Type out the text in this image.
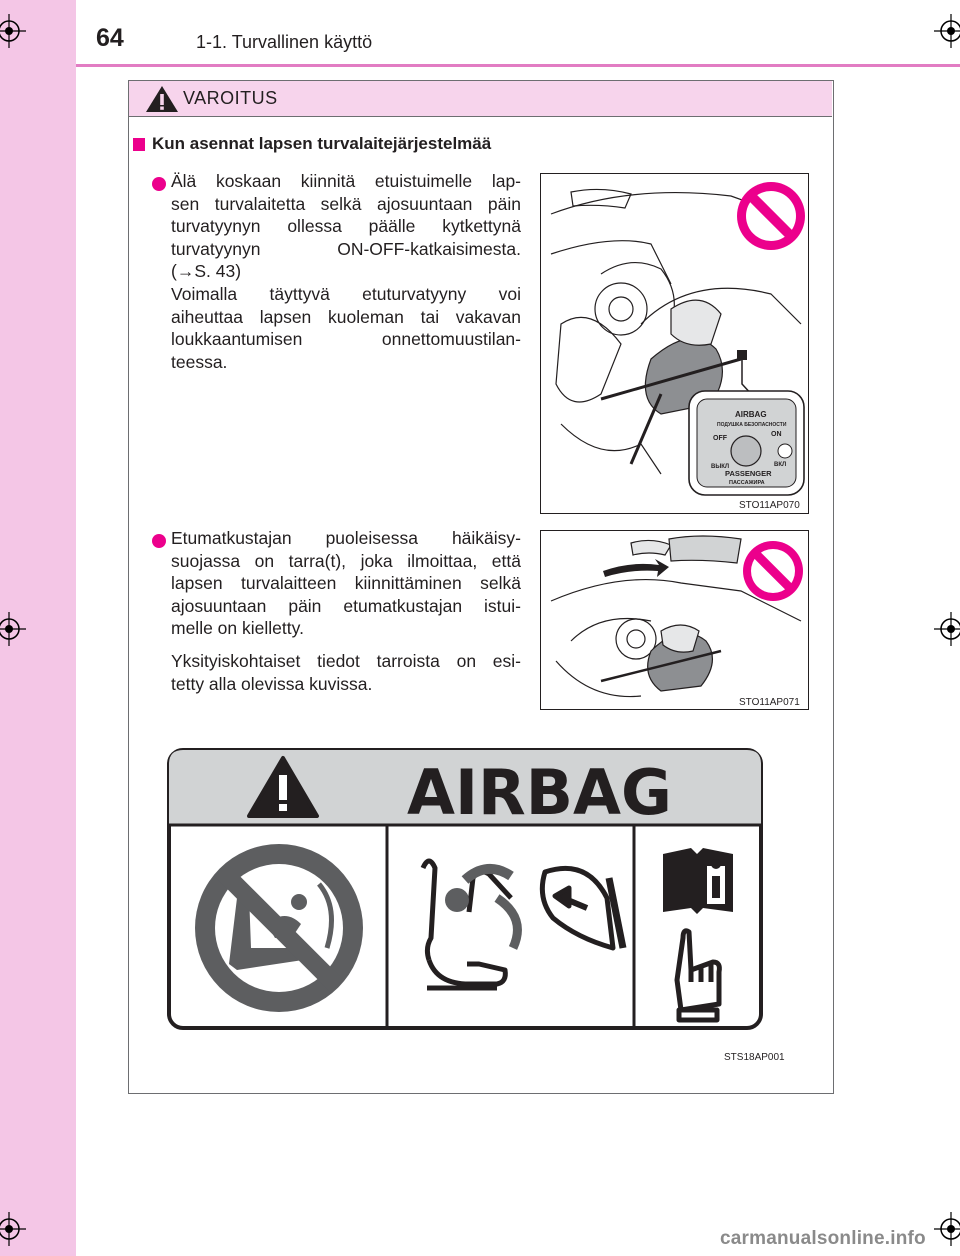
64	1-1. Turvallinen käyttö
VAROITUS
Kun asennat lapsen turvalaitejärjestelmää
Älä koskaan kiinnitä etuistuimelle lap-
sen turvalaitetta selkä ajosuuntaan päin
turvatyynyn ollessa päälle kytkettynä
turvatyynyn ON-OFF-katkaisimesta.
(→S. 43)
Voimalla täyttyvä etuturvatyyny voi
aiheuttaa lapsen kuoleman tai vakavan
loukkaantumisen onnettomuustilan-
teessa.
AIRBAG
ПОДУШКА БЕЗОПАСНОСТИ
OFF
ON
ВЫКЛ	ВКЛ
PASSENGER
ПАССАЖИРА
STO11AP070
Etumatkustajan puoleisessa häikäisy-
suojassa on tarra(t), joka ilmoittaa, että
lapsen turvalaitteen kiinnittäminen selkä
ajosuuntaan päin etumatkustajan istui-
melle on kielletty.
Yksityiskohtaiset tiedot tarroista on esi-
tetty alla olevissa kuvissa.
STO11AP071
AIRBAG
STS18AP001
carmanualsonline.info
